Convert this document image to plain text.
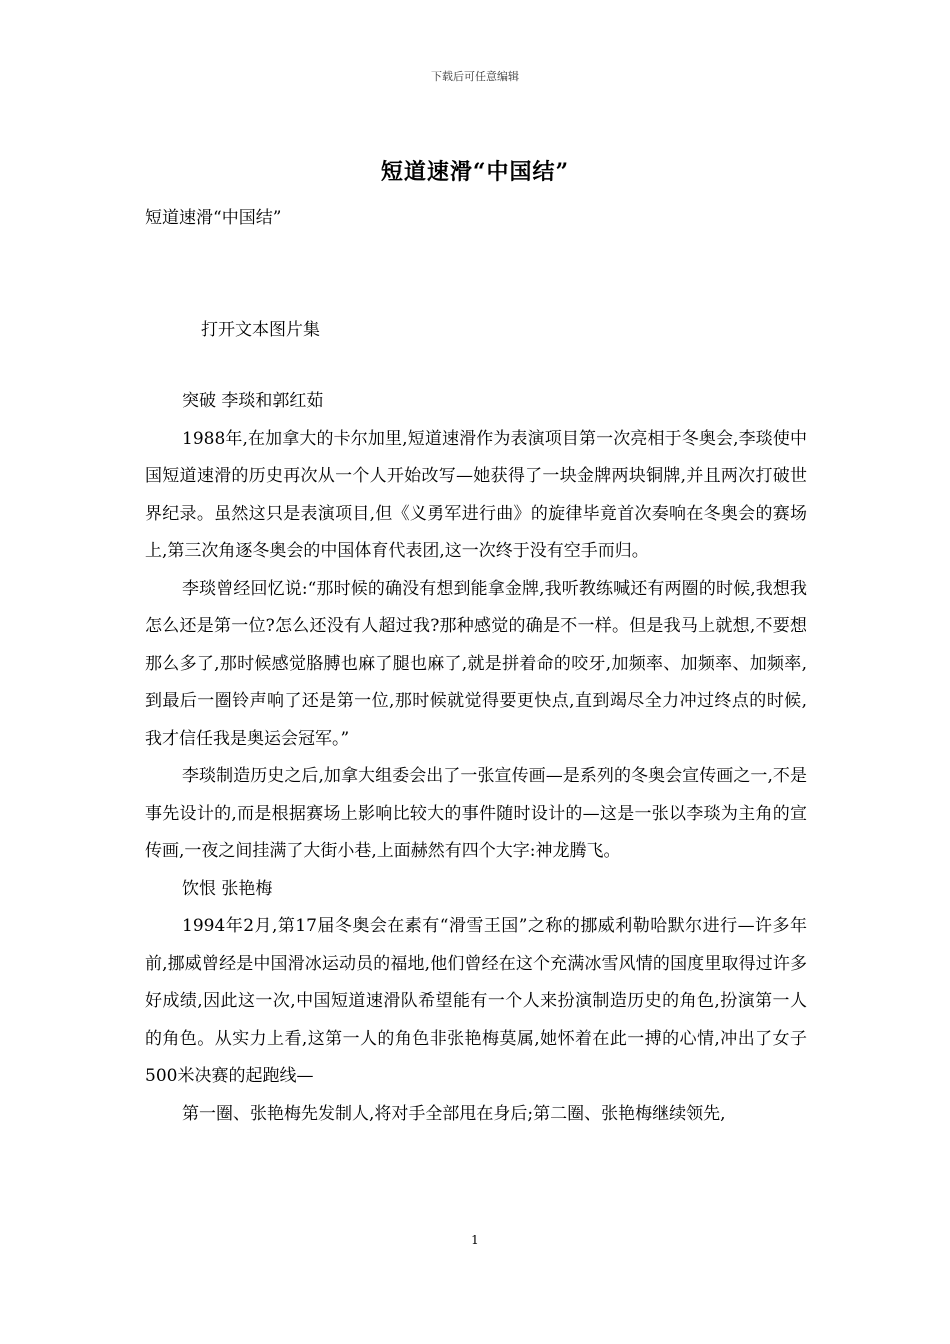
下载后可任意编辑
短道速滑“中国结”
短道速滑“中国结”
打开文本图片集

突破 李琰和郭红茹

1988年,在加拿大的卡尔加里,短道速滑作为表演项目第一次亮相于冬奥会,李琰使中国短道速滑的历史再次从一个人开始改写—她获得了一块金牌两块铜牌,并且两次打破世界纪录。虽然这只是表演项目,但《义勇军进行曲》的旋律毕竟首次奏响在冬奥会的赛场上,第三次角逐冬奥会的中国体育代表团,这一次终于没有空手而归。

李琰曾经回忆说:“那时候的确没有想到能拿金牌,我听教练喊还有两圈的时候,我想我怎么还是第一位?怎么还没有人超过我?那种感觉的确是不一样。但是我马上就想,不要想那么多了,那时候感觉胳膊也麻了腿也麻了,就是拼着命的咬牙,加频率、加频率、加频率,到最后一圈铃声响了还是第一位,那时候就觉得要更快点,直到竭尽全力冲过终点的时候,我才信任我是奥运会冠军。”

李琰制造历史之后,加拿大组委会出了一张宣传画—是系列的冬奥会宣传画之一,不是事先设计的,而是根据赛场上影响比较大的事件随时设计的—这是一张以李琰为主角的宣传画,一夜之间挂满了大街小巷,上面赫然有四个大字:神龙腾飞。

饮恨 张艳梅

1994年2月,第17届冬奥会在素有“滑雪王国”之称的挪威利勒哈默尔进行—许多年前,挪威曾经是中国滑冰运动员的福地,他们曾经在这个充满冰雪风情的国度里取得过许多好成绩,因此这一次,中国短道速滑队希望能有一个人来扮演制造历史的角色,扮演第一人的角色。从实力上看,这第一人的角色非张艳梅莫属,她怀着在此一搏的心情,冲出了女子500米决赛的起跑线—

第一圈、张艳梅先发制人,将对手全部甩在身后;第二圈、张艳梅继续领先,

1
